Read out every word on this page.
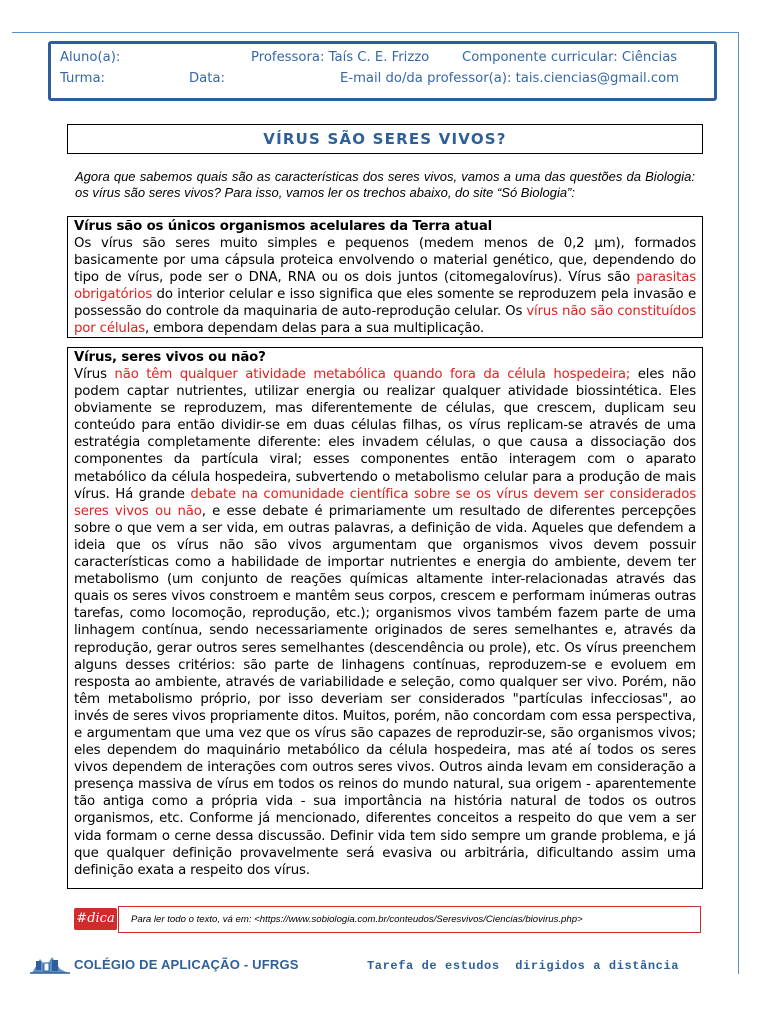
Aluno(a):	Professora: Taís C. E. Frizzo Componente curricular: Ciências
Turma:	Data:	E-mail do/da professor(a): tais.ciencias@gmail.com
VÍRUS SÃO SERES VIVOS?

Agora que sabemos quais são as características dos seres vivos, vamos a uma das questões da Biologia: os vírus são seres vivos? Para isso, vamos ler os trechos abaixo, do site “Só Biologia”:

Vírus são os únicos organismos acelulares da Terra atual

Os vírus são seres muito simples e pequenos (medem menos de 0,2 µm), formados basicamente por uma cápsula proteica envolvendo o material genético, que, dependendo do tipo de vírus, pode ser o DNA, RNA ou os dois juntos (citomegalovírus). Vírus são parasitas obrigatórios do interior celular e isso significa que eles somente se reproduzem pela invasão e possessão do controle da maquinaria de auto-reprodução celular. Os vírus não são constituídos por células, embora dependam delas para a sua multiplicação.

Vírus, seres vivos ou não?

Vírus não têm qualquer atividade metabólica quando fora da célula hospedeira; eles não podem captar nutrientes, utilizar energia ou realizar qualquer atividade biossintética. Eles obviamente se reproduzem, mas diferentemente de células, que crescem, duplicam seu conteúdo para então dividir-se em duas células filhas, os vírus replicam-se através de uma estratégia completamente diferente: eles invadem células, o que causa a dissociação dos componentes da partícula viral; esses componentes então interagem com o aparato metabólico da célula hospedeira, subvertendo o metabolismo celular para a produção de mais vírus. Há grande debate na comunidade científica sobre se os vírus devem ser considerados seres vivos ou não, e esse debate é primariamente um resultado de diferentes percepções sobre o que vem a ser vida, em outras palavras, a definição de vida. Aqueles que defendem a ideia que os vírus não são vivos argumentam que organismos vivos devem possuir características como a habilidade de importar nutrientes e energia do ambiente, devem ter metabolismo (um conjunto de reações químicas altamente inter-relacionadas através das quais os seres vivos constroem e mantêm seus corpos, crescem e performam inúmeras outras tarefas, como locomoção, reprodução, etc.); organismos vivos também fazem parte de uma linhagem contínua, sendo necessariamente originados de seres semelhantes e, através da reprodução, gerar outros seres semelhantes (descendência ou prole), etc. Os vírus preenchem alguns desses critérios: são parte de linhagens contínuas, reproduzem-se e evoluem em resposta ao ambiente, através de variabilidade e seleção, como qualquer ser vivo. Porém, não têm metabolismo próprio, por isso deveriam ser considerados "partículas infecciosas", ao invés de seres vivos propriamente ditos. Muitos, porém, não concordam com essa perspectiva, e argumentam que uma vez que os vírus são capazes de reproduzir-se, são organismos vivos; eles dependem do maquinário metabólico da célula hospedeira, mas até aí todos os seres vivos dependem de interações com outros seres vivos. Outros ainda levam em consideração a presença massiva de vírus em todos os reinos do mundo natural, sua origem - aparentemente tão antiga como a própria vida - sua importância na história natural de todos os outros organismos, etc. Conforme já mencionado, diferentes conceitos a respeito do que vem a ser vida formam o cerne dessa discussão. Definir vida tem sido sempre um grande problema, e já que qualquer definição provavelmente será evasiva ou arbitrária, dificultando assim uma definição exata a respeito dos vírus.

#dica	Para ler todo o texto, vá em: <https://www.sobiologia.com.br/conteudos/Seresvivos/Ciencias/biovirus.php>
COLÉGIO DE APLICAÇÃO - UFRGS	Tarefa de estudos  dirigidos a distância
